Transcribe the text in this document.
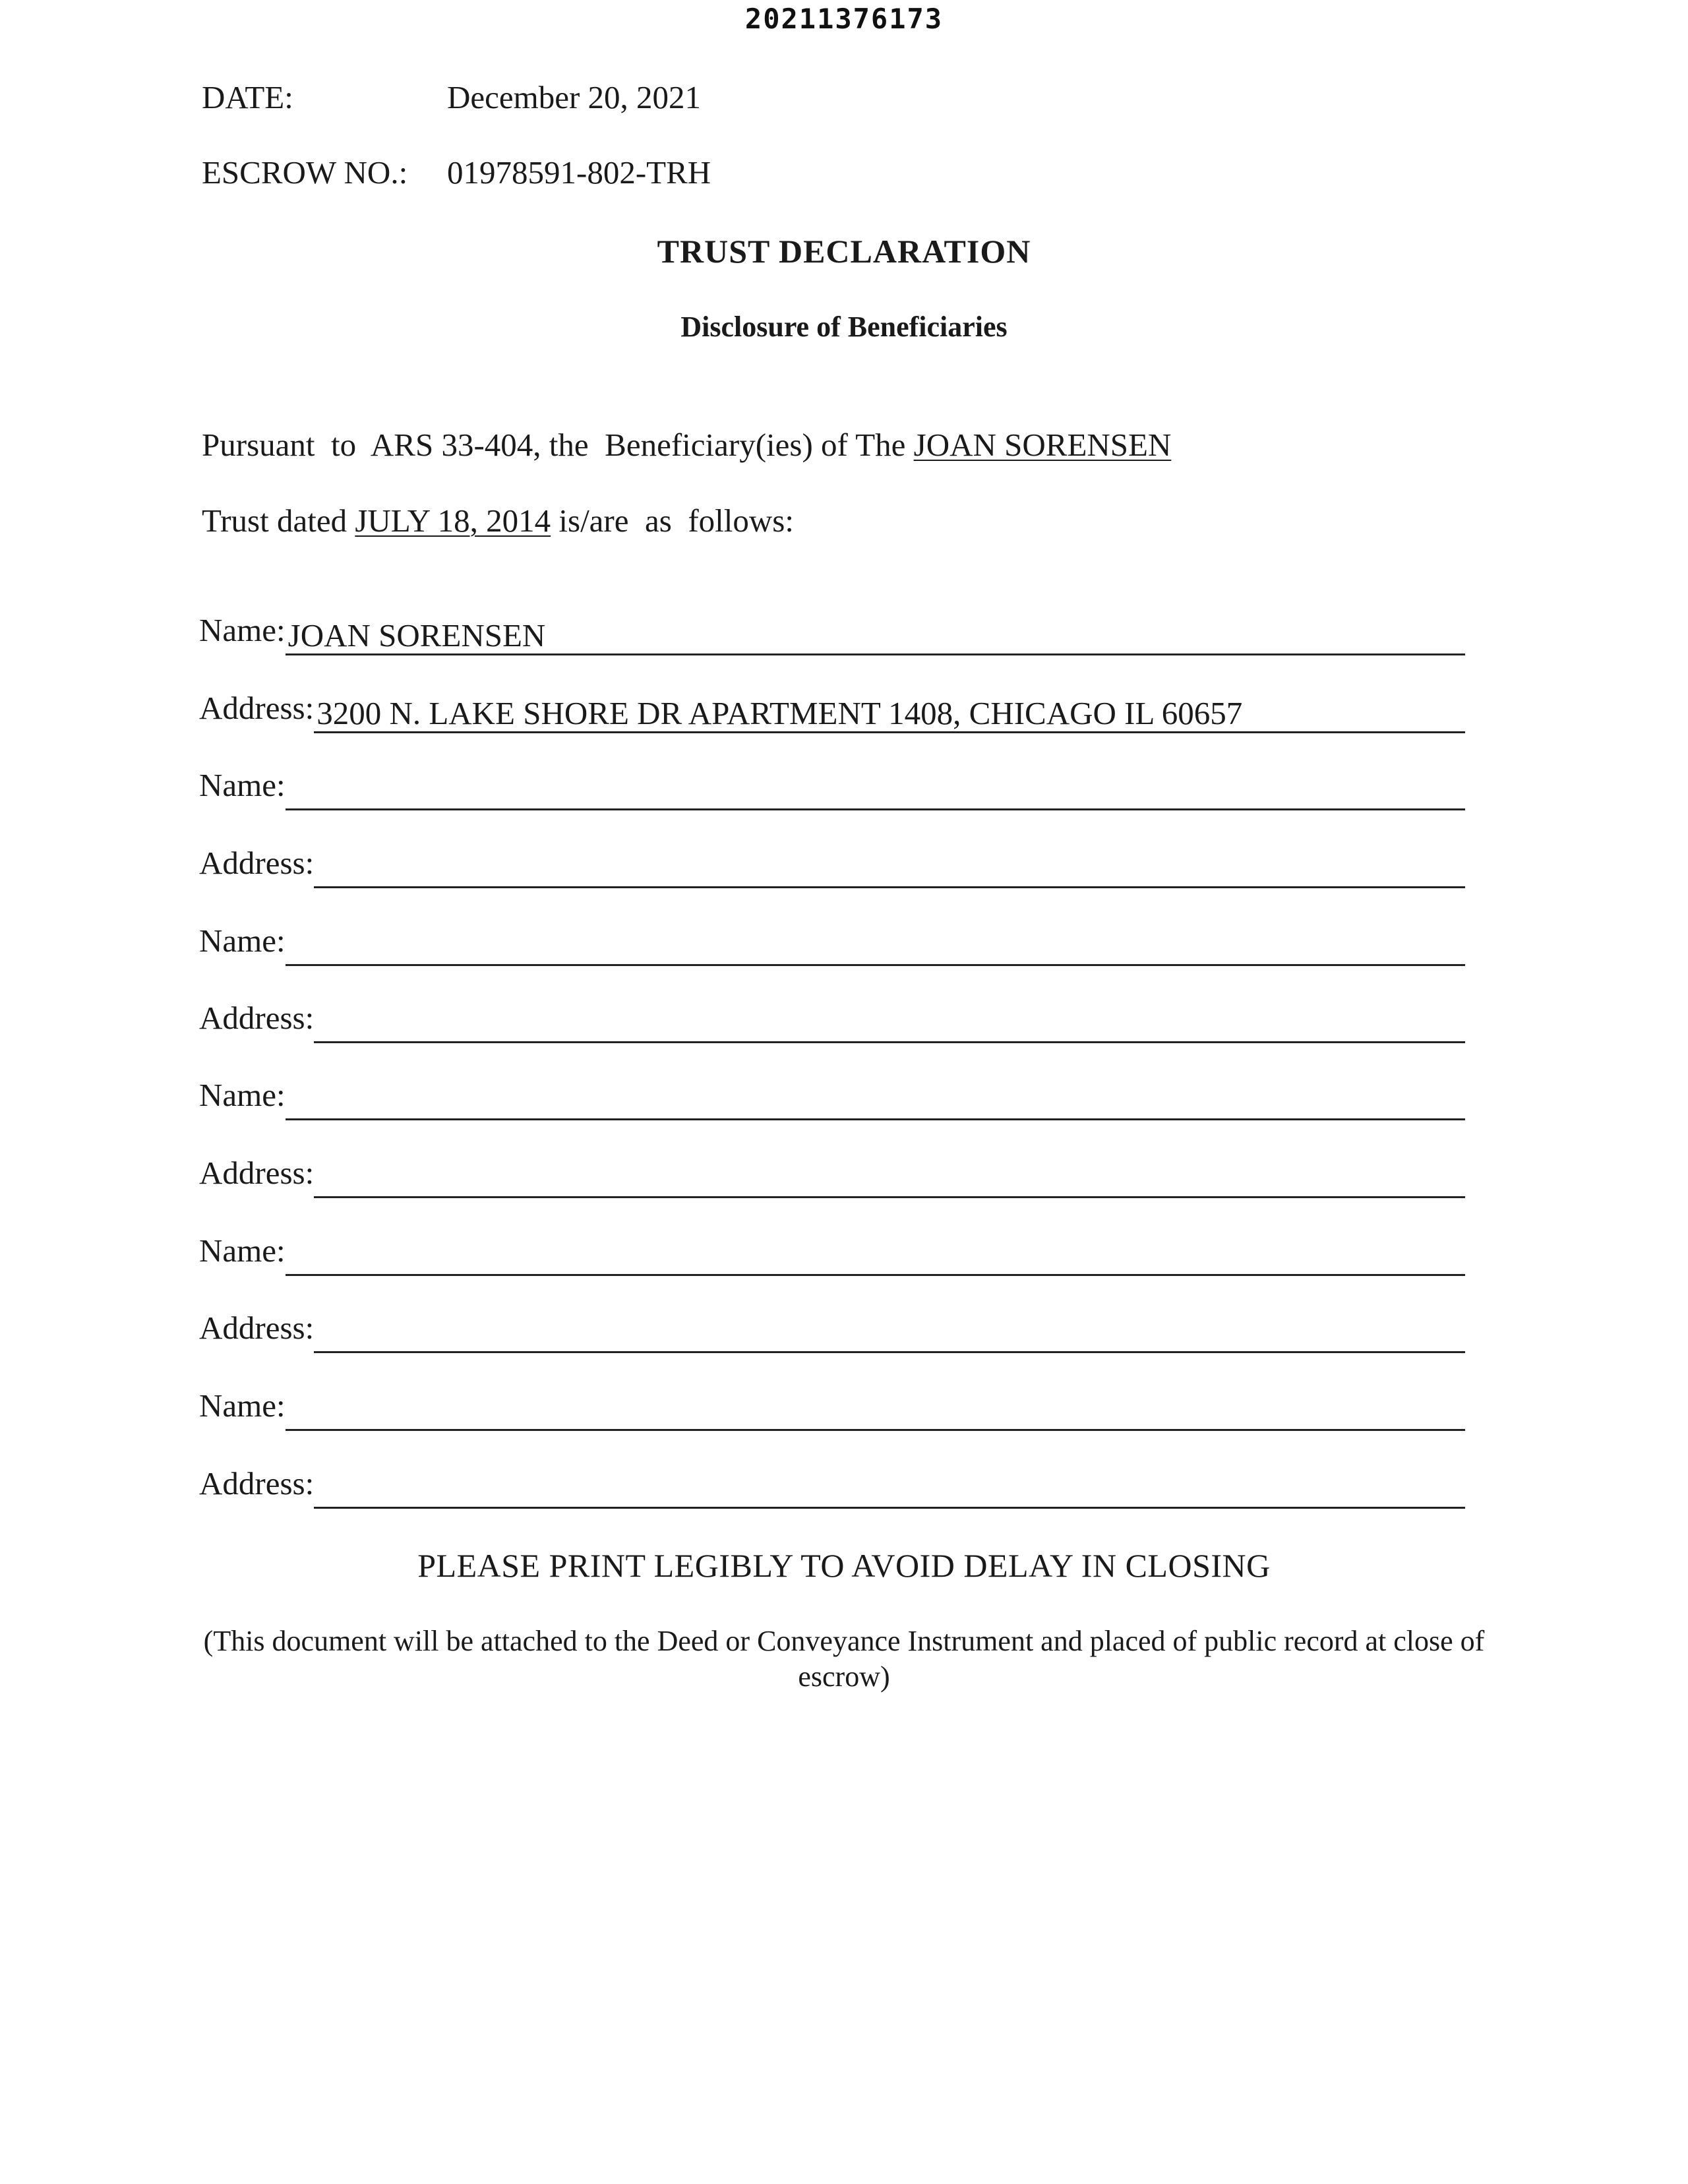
20211376173
DATE:	December 20, 2021
ESCROW NO.: 01978591-802-TRH
TRUST DECLARATION
Disclosure of Beneficiaries
Pursuant  to  ARS 33-404, the  Beneficiary(ies) of The JOAN SORENSEN
Trust dated JULY 18, 2014 is/are  as  follows:
Name: JOAN SORENSEN
Address: 3200 N. LAKE SHORE DR APARTMENT 1408, CHICAGO IL 60657
Name:
Address:
Name:
Address:
Name:
Address:
Name:
Address:
Name:
Address:
PLEASE PRINT LEGIBLY TO AVOID DELAY IN CLOSING
(This document will be attached to the Deed or Conveyance Instrument and placed of public record at close of escrow)
